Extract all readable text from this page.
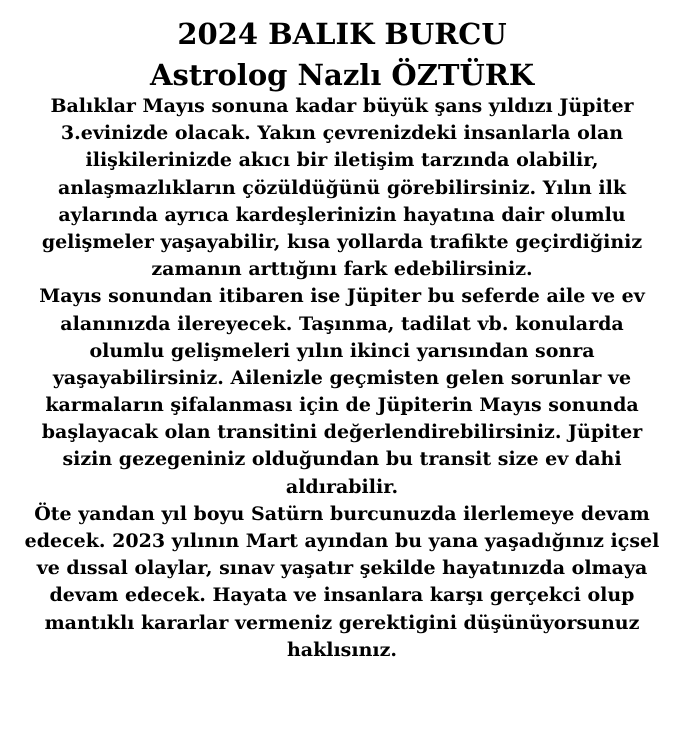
2024 BALIK BURCU
Astrolog Nazlı ÖZTÜRK
Balıklar Mayıs sonuna kadar büyük şans yıldızı Jüpiter
3.evinizde olacak. Yakın çevrenizdeki insanlarla olan
ilişkilerinizde akıcı bir iletişim tarzında olabilir,
anlaşmazlıkların çözüldüğünü görebilirsiniz. Yılın ilk
aylarında ayrıca kardeşlerinizin hayatına dair olumlu
gelişmeler yaşayabilir, kısa yollarda trafikte geçirdiğiniz
zamanın arttığını fark edebilirsiniz.
Mayıs sonundan itibaren ise Jüpiter bu seferde aile ve ev
alanınızda ilereyecek. Taşınma, tadilat vb. konularda
olumlu gelişmeleri yılın ikinci yarısından sonra
yaşayabilirsiniz. Ailenizle geçmisten gelen sorunlar ve
karmaların şifalanması için de Jüpiterin Mayıs sonunda
başlayacak olan transitini değerlendirebilirsiniz. Jüpiter
sizin gezegeniniz olduğundan bu transit size ev dahi
aldırabilir.
Öte yandan yıl boyu Satürn burcunuzda ilerlemeye devam
edecek. 2023 yılının Mart ayından bu yana yaşadığınız içsel
ve dıssal olaylar, sınav yaşatır şekilde hayatınızda olmaya
devam edecek. Hayata ve insanlara karşı gerçekci olup
mantıklı kararlar vermeniz gerektigini düşünüyorsunuz
haklısınız.
